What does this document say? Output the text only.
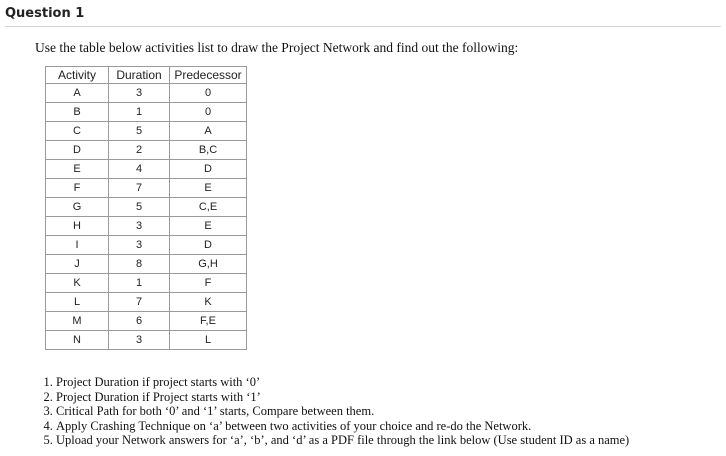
Question 1
Use the table below activities list to draw the Project Network and find out the following:
Activity	Duration	Predecessor
A	3	0
B	1	0
C	5	A
D	2	B,C
E	4	D
F	7	E
G	5	C,E
H	3	E
I	3	D
J	8	G,H
K	1	F
L	7	K
M	6	F,E
N	3	L
1. Project Duration if project starts with ‘0’
2. Project Duration if Project starts with ‘1’
3. Critical Path for both ‘0’ and ‘1’ starts, Compare between them.
4. Apply Crashing Technique on ‘a’ between two activities of your choice and re-do the Network.
5. Upload your Network answers for ‘a’, ‘b’, and ‘d’ as a PDF file through the link below (Use student ID as a name)
